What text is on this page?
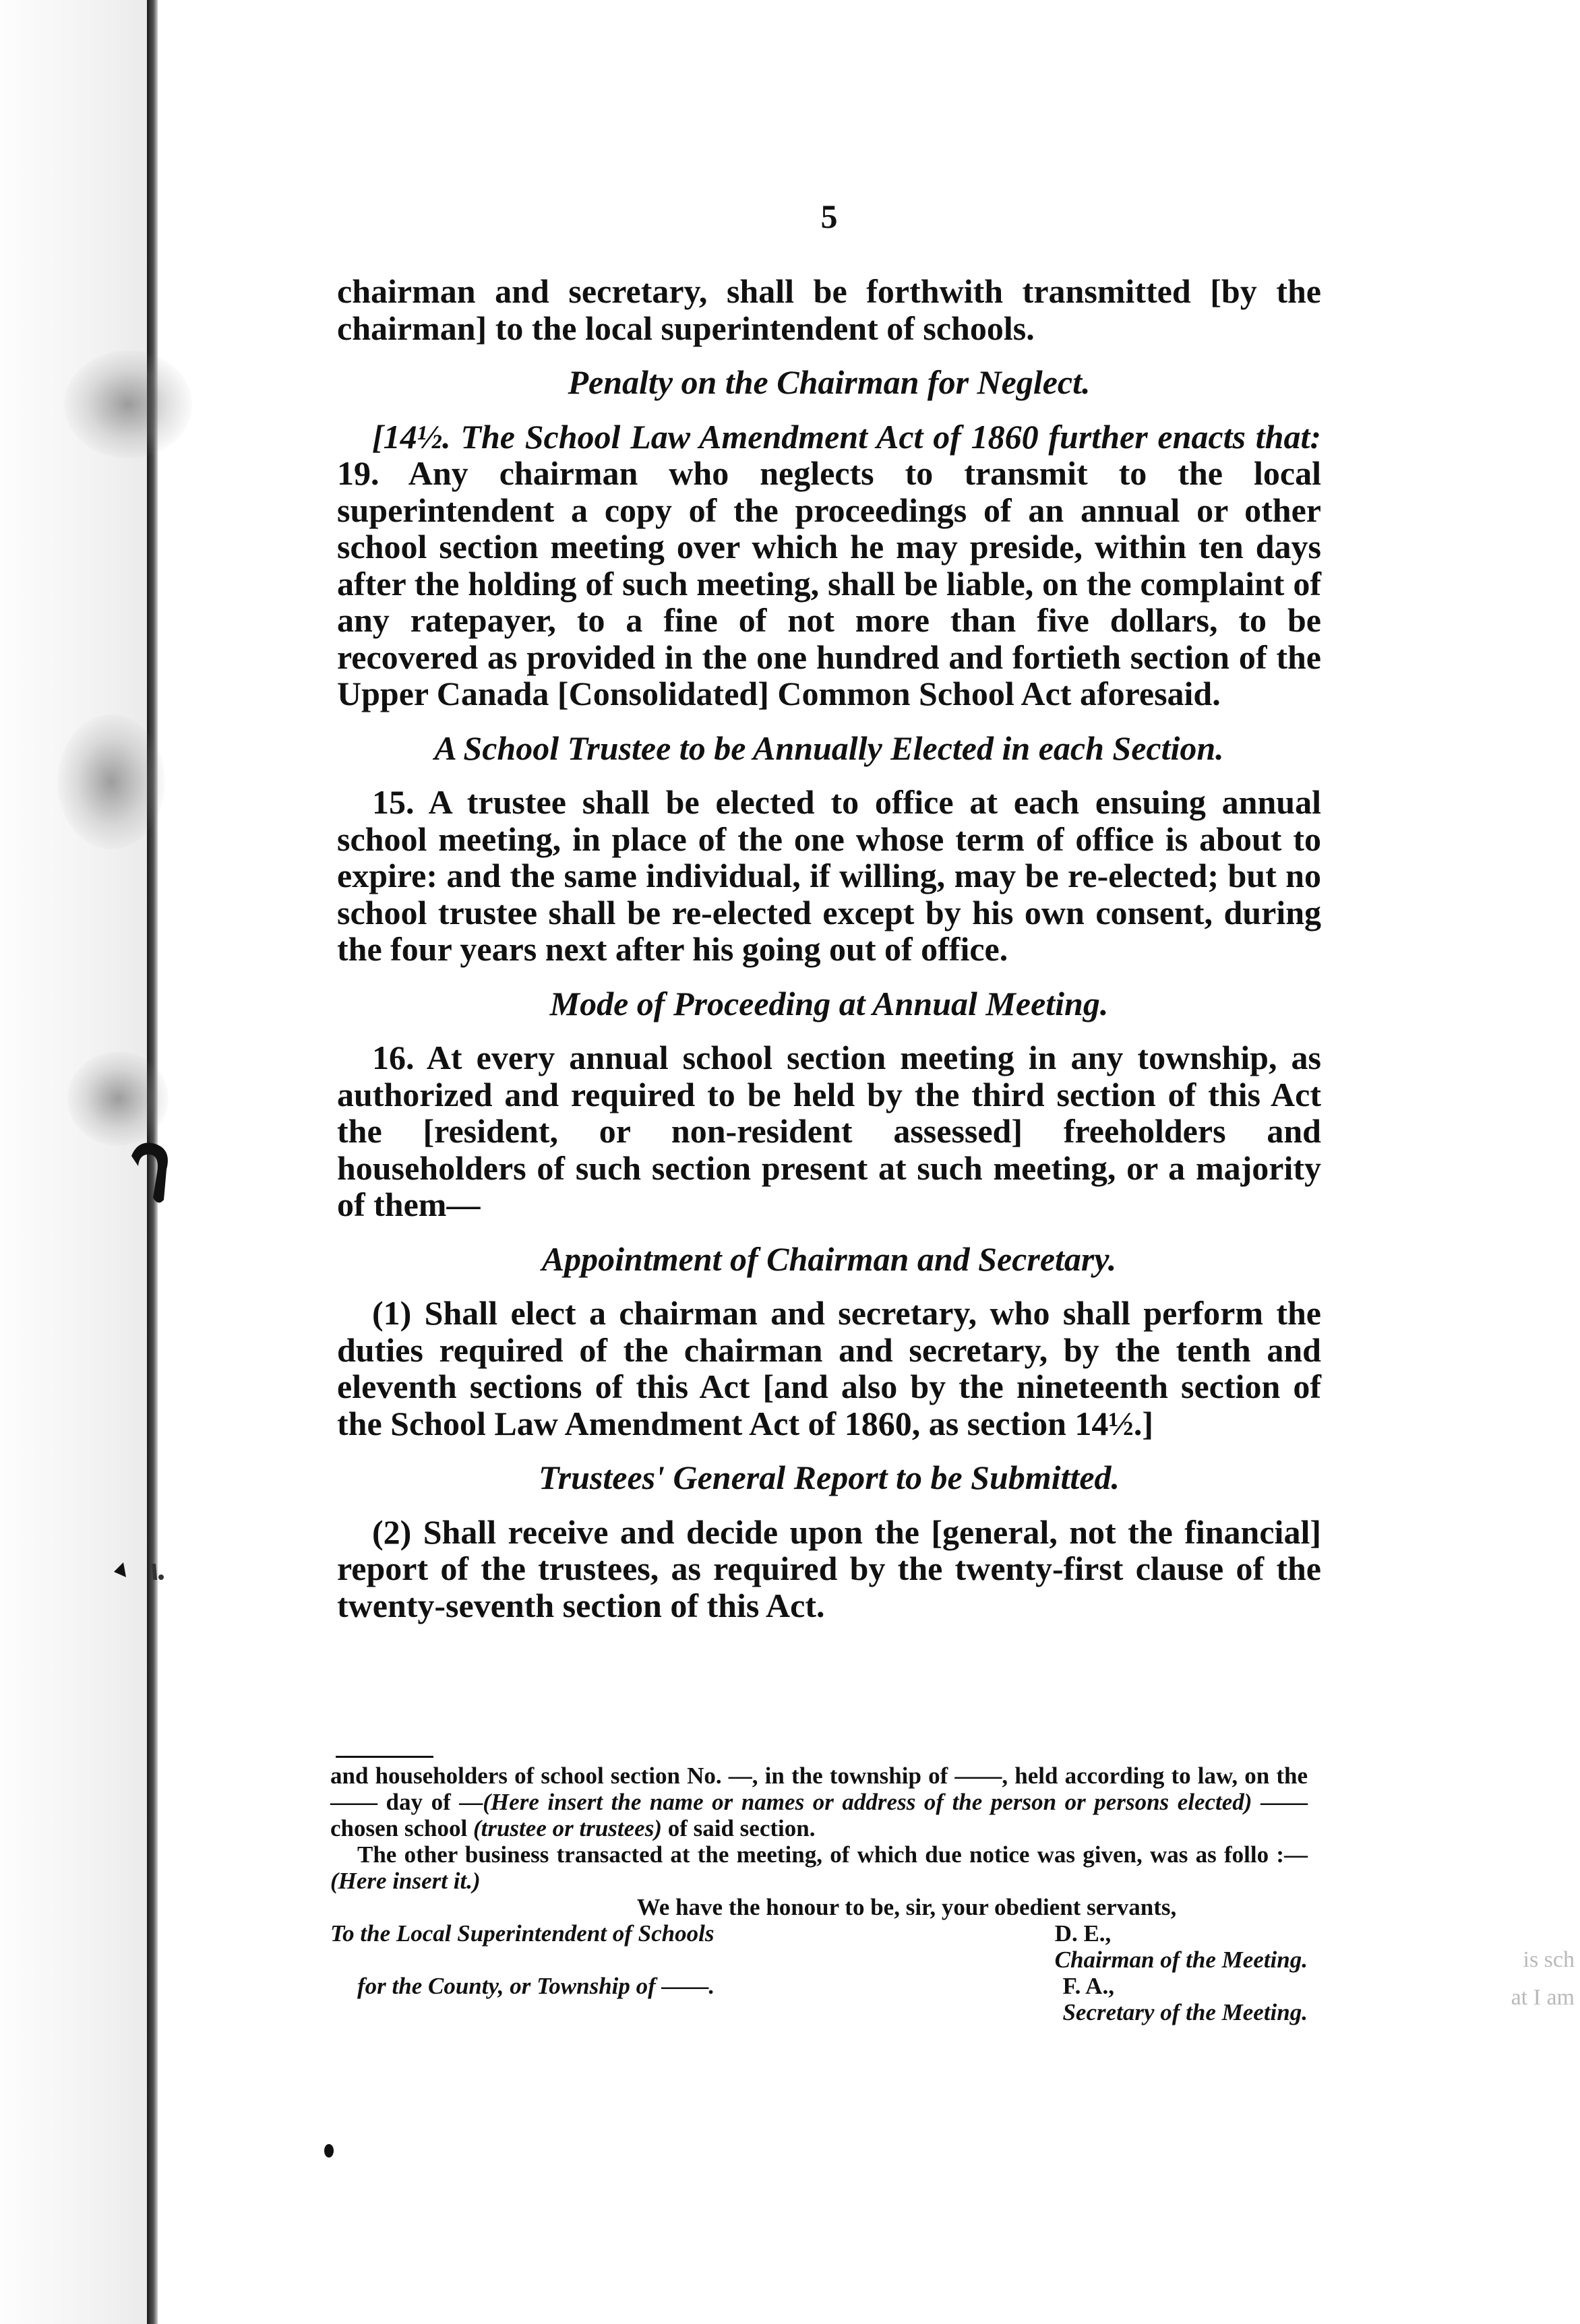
is sch
at I am
5

chairman and secretary, shall be forthwith transmitted [by the chairman] to the local superintendent of schools.

Penalty on the Chairman for Neglect.

[14½. The School Law Amendment Act of 1860 further enacts that: 19. Any chairman who neglects to transmit to the local superintendent a copy of the proceedings of an annual or other school section meeting over which he may preside, within ten days after the holding of such meeting, shall be liable, on the complaint of any ratepayer, to a fine of not more than five dollars, to be recovered as provided in the one hundred and fortieth section of the Upper Canada [Consolidated] Common School Act aforesaid.

A School Trustee to be Annually Elected in each Section.

15. A trustee shall be elected to office at each ensuing annual school meeting, in place of the one whose term of office is about to expire: and the same individual, if willing, may be re-elected; but no school trustee shall be re-elected except by his own consent, during the four years next after his going out of office.

Mode of Proceeding at Annual Meeting.

16. At every annual school section meeting in any township, as authorized and required to be held by the third section of this Act the [resident, or non-resident assessed] freeholders and householders of such section present at such meeting, or a majority of them—

Appointment of Chairman and Secretary.

(1) Shall elect a chairman and secretary, who shall perform the duties required of the chairman and secretary, by the tenth and eleventh sections of this Act [and also by the nineteenth section of the School Law Amendment Act of 1860, as section 14½.]

Trustees' General Report to be Submitted.

(2) Shall receive and decide upon the [general, not the financial] report of the trustees, as required by the twenty-first clause of the twenty-seventh section of this Act.

and householders of school section No. —, in the township of ——, held according to law, on the —— day of —(Here insert the name or names or address of the person or persons elected) —— chosen school (trustee or trustees) of said section.

The other business transacted at the meeting, of which due notice was given, was as follo :—(Here insert it.)

We have the honour to be, sir, your obedient servants,

To the Local Superintendent of Schools	D. E.,
Chairman of the Meeting.
for the County, or Township of ——.	F. A.,
Secretary of the Meeting.
